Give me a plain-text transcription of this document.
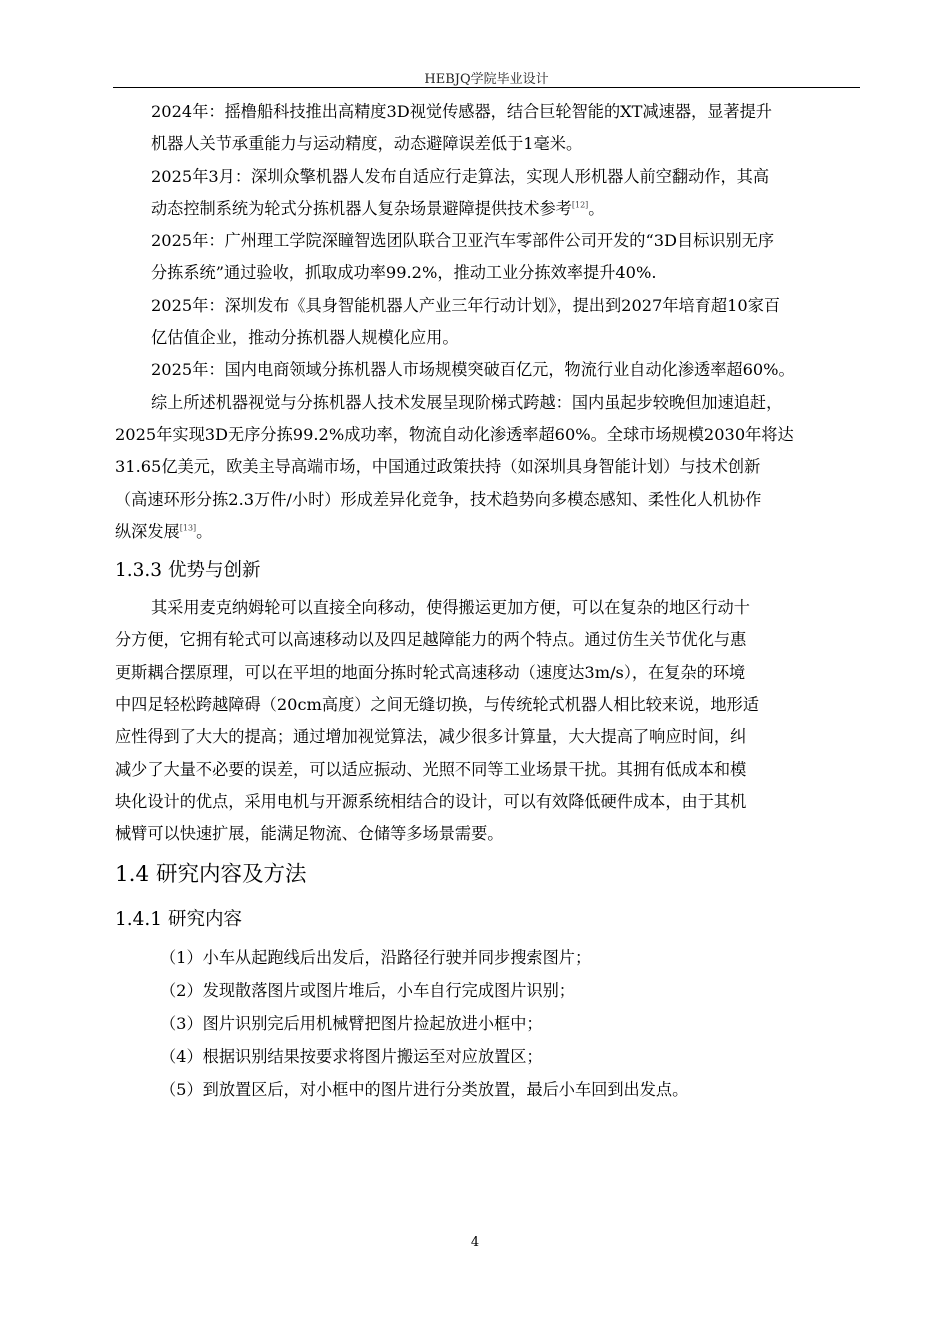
HEBJQ学院毕业设计

2024年：摇橹船科技推出高精度3D视觉传感器，结合巨轮智能的XT减速器，显著提升
机器人关节承重能力与运动精度，动态避障误差低于1毫米。

2025年3月：深圳众擎机器人发布自适应行走算法，实现人形机器人前空翻动作，其高
动态控制系统为轮式分拣机器人复杂场景避障提供技术参考[12]。

2025年：广州理工学院深瞳智选团队联合卫亚汽车零部件公司开发的“3D目标识别无序
分拣系统”通过验收，抓取成功率99.2%，推动工业分拣效率提升40%.

2025年：深圳发布《具身智能机器人产业三年行动计划》，提出到2027年培育超10家百
亿估值企业，推动分拣机器人规模化应用。

2025年：国内电商领域分拣机器人市场规模突破百亿元，物流行业自动化渗透率超60%。

综上所述机器视觉与分拣机器人技术发展呈现阶梯式跨越：国内虽起步较晚但加速追赶，
2025年实现3D无序分拣99.2%成功率，物流自动化渗透率超60%。全球市场规模2030年将达
31.65亿美元，欧美主导高端市场，中国通过政策扶持（如深圳具身智能计划）与技术创新
（高速环形分拣2.3万件/小时）形成差异化竞争，技术趋势向多模态感知、柔性化人机协作
纵深发展[13]。

1.3.3 优势与创新

其采用麦克纳姆轮可以直接全向移动，使得搬运更加方便，可以在复杂的地区行动十
分方便，它拥有轮式可以高速移动以及四足越障能力的两个特点。通过仿生关节优化与惠
更斯耦合摆原理，可以在平坦的地面分拣时轮式高速移动（速度达3m/s），在复杂的环境
中四足轻松跨越障碍（20cm高度）之间无缝切换，与传统轮式机器人相比较来说，地形适
应性得到了大大的提高；通过增加视觉算法，减少很多计算量，大大提高了响应时间，纠
减少了大量不必要的误差，可以适应振动、光照不同等工业场景干扰。其拥有低成本和模
块化设计的优点，采用电机与开源系统相结合的设计，可以有效降低硬件成本，由于其机
械臂可以快速扩展，能满足物流、仓储等多场景需要。

1.4 研究内容及方法
1.4.1 研究内容

（1）小车从起跑线后出发后，沿路径行驶并同步搜索图片；

（2）发现散落图片或图片堆后，小车自行完成图片识别；

（3）图片识别完后用机械臂把图片捡起放进小框中；

（4）根据识别结果按要求将图片搬运至对应放置区；

（5）到放置区后，对小框中的图片进行分类放置，最后小车回到出发点。

4
